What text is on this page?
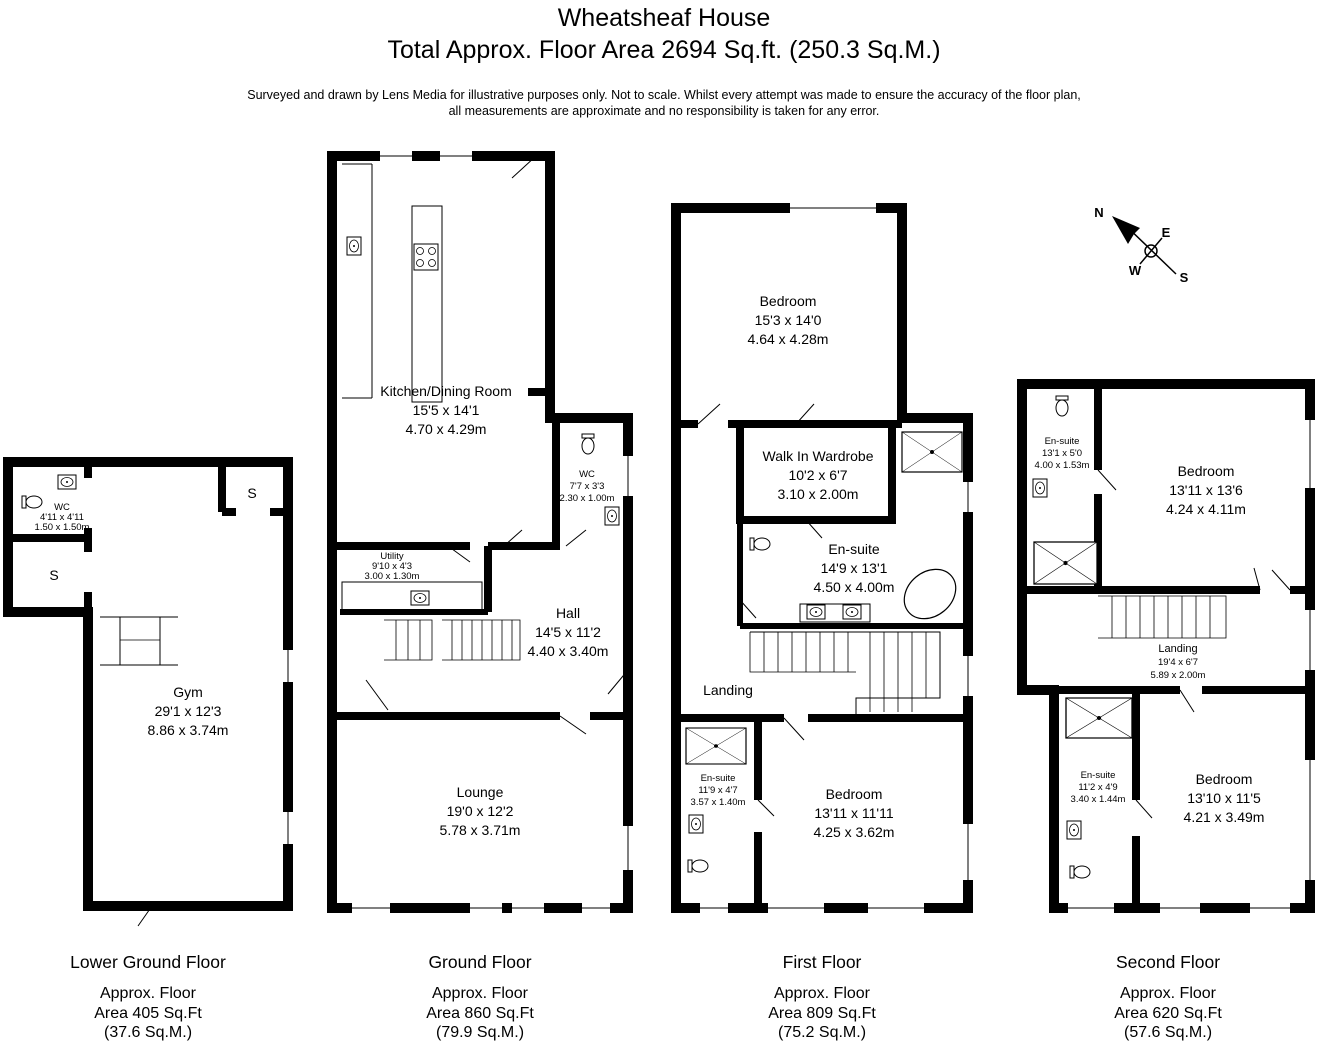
Wheatsheaf House
Total Approx. Floor Area 2694 Sq.ft. (250.3 Sq.M.)
Surveyed and drawn by Lens Media for illustrative purposes only. Not to scale. Whilst every attempt was made to ensure the accuracy of the floor plan,
all measurements are approximate and no responsibility is taken for any error.
N
E
S
W
Gym
29'1 x 12'3
8.86 x 3.74m
S
S
Kitchen/Dining Room
15'5 x 14'1
4.70 x 4.29m
Hall
14'5 x 11'2
4.40 x 3.40m
Lounge
19'0 x 12'2
5.78 x 3.71m
Bedroom
15'3 x 14'0
4.64 x 4.28m
Walk In Wardrobe
10'2 x 6'7
3.10 x 2.00m
En-suite
14'9 x 13'1
4.50 x 4.00m
Landing
Bedroom
13'11 x 11'11
4.25 x 3.62m
Bedroom
13'11 x 13'6
4.24 x 4.11m
Bedroom
13'10 x 11'5
4.21 x 3.49m
WC
4'11 x 4'11
1.50 x 1.50m
WC
7'7 x 3'3
2.30 x 1.00m
Utility
9'10 x 4'3
3.00 x 1.30m
En-suite
11'9 x 4'7
3.57 x 1.40m
En-suite
13'1 x 5'0
4.00 x 1.53m
En-suite
11'2 x 4'9
3.40 x 1.44m
Landing
19'4 x 6'7
5.89 x 2.00m
Lower Ground Floor
Approx. Floor
Area 405 Sq.Ft
(37.6 Sq.M.)
Ground Floor
Approx. Floor
Area 860 Sq.Ft
(79.9 Sq.M.)
First Floor
Approx. Floor
Area 809 Sq.Ft
(75.2 Sq.M.)
Second Floor
Approx. Floor
Area 620 Sq.Ft
(57.6 Sq.M.)
